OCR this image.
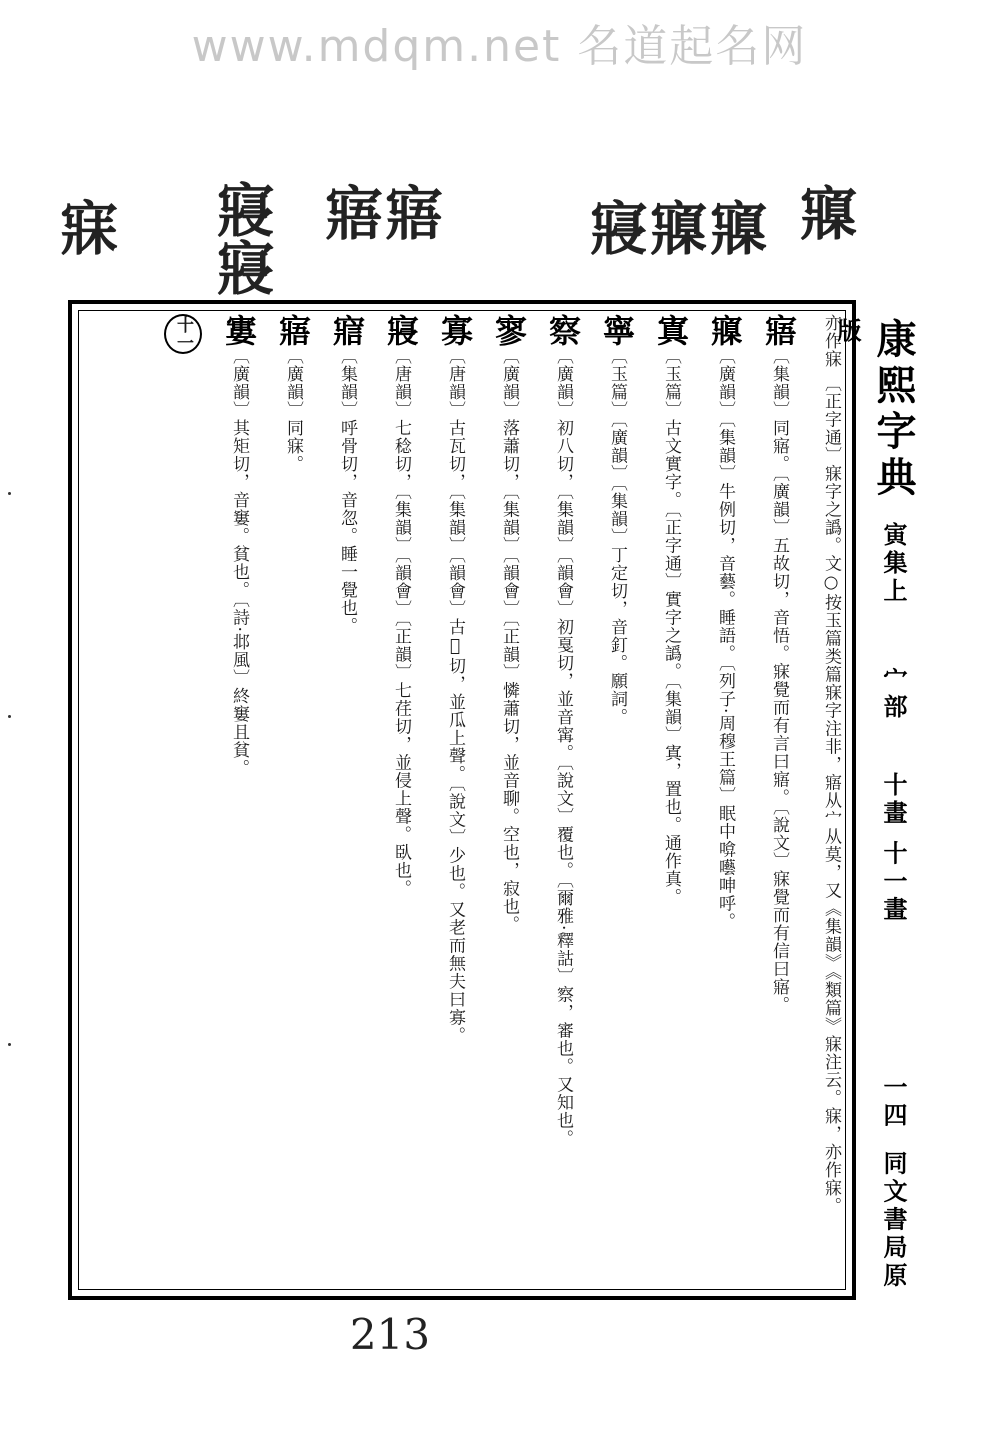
www.mdqm.net 名道起名网
寐 寢寢
寤 寤	寢 寱 寱 寱
亦作寐 〔正字通〕寐字之譌。文○按玉篇类篇寐字注非，寤从宀从莫，又《集韻》《類篇》寐注云。寐，亦作寐。
寤〔集韻〕同寤。〔廣韻〕五故切，音悟。寐覺而有言曰寤。〔說文〕寐覺而有信曰寤。
寱〔廣韻〕〔集韻〕牛例切，音藝。睡語。〔列子·周穆王篇〕眠中啽囈呻呼。
寘〔玉篇〕古文實字。〔正字通〕實字之譌。〔集韻〕寘，置也。通作真。
寧〔玉篇〕〔廣韻〕〔集韻〕丁定切，音釘。願詞。
察〔廣韻〕初八切，〔集韻〕〔韻會〕初戛切，並音𡩋。〔說文〕覆也。〔爾雅·釋詁〕察，審也。又知也。
寥〔廣韻〕落蕭切，〔集韻〕〔韻會〕〔正韻〕憐蕭切，並音聊。空也，寂也。
寡〔唐韻〕古瓦切，〔集韻〕〔韻會〕古𤓰切，並瓜上聲。〔說文〕少也。又老而無夫曰寡。
寢〔唐韻〕七稔切，〔集韻〕〔韻會〕〔正韻〕七荏切，並侵上聲。臥也。
寣〔集韻〕呼骨切，音忽。睡一覺也。
寤〔廣韻〕同寐。
寠〔廣韻〕其矩切，音窶。貧也。〔詩·邶風〕終窶且貧。
十一	康熙字典寅集上宀部十畫 十一畫一四同文書局原版
213
